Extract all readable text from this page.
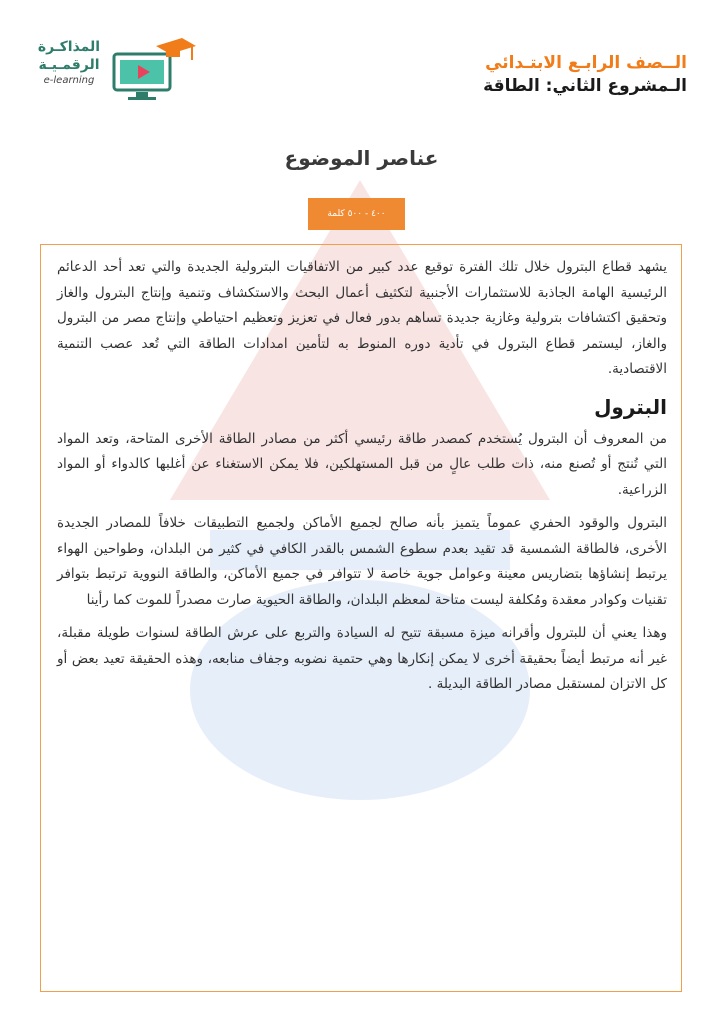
المذاكـرة
الرقمـيـة
e-learning
الــصف الرابـع الابتـدائي
الـمشروع الثاني: الطاقة
عناصر الموضوع
٤٠٠ - ٥٠٠ كلمة

يشهد قطاع البترول خلال تلك الفترة توقيع عدد كبير من الاتفاقيات البترولية الجديدة والتي تعد أحد الدعائم الرئيسية الهامة الجاذبة للاستثمارات الأجنبية لتكثيف أعمال البحث والاستكشاف وتنمية وإنتاج البترول والغاز وتحقيق اكتشافات بترولية وغازية جديدة تساهم بدور فعال في تعزيز وتعظيم احتياطي وإنتاج مصر من البترول والغاز، ليستمر قطاع البترول في تأدية دوره المنوط به لتأمين امدادات الطاقة التي تُعد عصب التنمية الاقتصادية.

البترول

من المعروف أن البترول يُستخدم كمصدر طاقة رئيسي أكثر من مصادر الطاقة الأخرى المتاحة، وتعد المواد التي تُنتج أو تُصنع منه، ذات طلب عالٍ من قبل المستهلكين، فلا يمكن الاستغناء عن أغلبها كالدواء أو المواد الزراعية.

البترول والوقود الحفري عموماً يتميز بأنه صالح لجميع الأماكن ولجميع التطبيقات خلافاً للمصادر الجديدة الأخرى، فالطاقة الشمسية قد تقيد بعدم سطوع الشمس بالقدر الكافي في كثير من البلدان، وطواحين الهواء يرتبط إنشاؤها بتضاريس معينة وعوامل جوية خاصة لا تتوافر في جميع الأماكن، والطاقة النووية ترتبط بتوافر تقنيات وكوادر معقدة ومُكلفة ليست متاحة لمعظم البلدان، والطاقة الحيوية صارت مصدراً للموت كما رأينا

وهذا يعني أن للبترول وأقرانه ميزة مسبقة تتيح له السيادة والتربع على عرش الطاقة لسنوات طويلة مقبلة، غير أنه مرتبط أيضاً بحقيقة أخرى لا يمكن إنكارها وهي حتمية نضوبه وجفاف منابعه، وهذه الحقيقة تعيد بعض أو كل الاتزان لمستقبل مصادر الطاقة البديلة .
